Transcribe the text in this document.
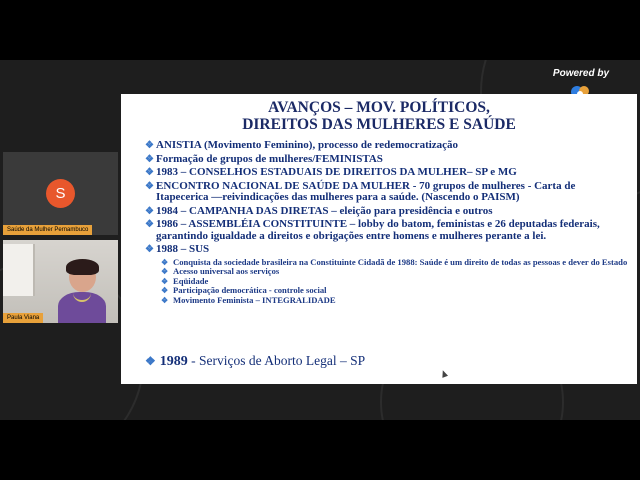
Powered by
AVANÇOS – MOV. POLÍTICOS,
DIREITOS DAS MULHERES E SAÚDE
❖ ANISTIA (Movimento Feminino), processo de redemocratização
❖ Formação de grupos de mulheres/FEMINISTAS
❖ 1983 – CONSELHOS ESTADUAIS DE DIREITOS DA MULHER– SP e MG
❖ ENCONTRO NACIONAL DE SAÚDE DA MULHER - 70 grupos de mulheres - Carta de Itapecerica —reivindicações das mulheres para a saúde. (Nascendo o PAISM)
❖ 1984 – CAMPANHA DAS DIRETAS – eleição para presidência e outros
❖ 1986 – ASSEMBLÉIA CONSTITUINTE – lobby do batom, feministas e 26 deputadas federais, garantindo igualdade a direitos e obrigações entre homens e mulheres perante a lei.
❖ 1988 – SUS
❖ Conquista da sociedade brasileira na Constituinte Cidadã de 1988: Saúde é um direito de todas as pessoas e dever do Estado
❖ Acesso universal aos serviços
❖ Eqüidade
❖ Participação democrática - controle social
❖ Movimento Feminista – INTEGRALIDADE
❖ 1989 - Serviços de Aborto Legal – SP
S
Saúde da Mulher Pernambuco
Paula Viana
